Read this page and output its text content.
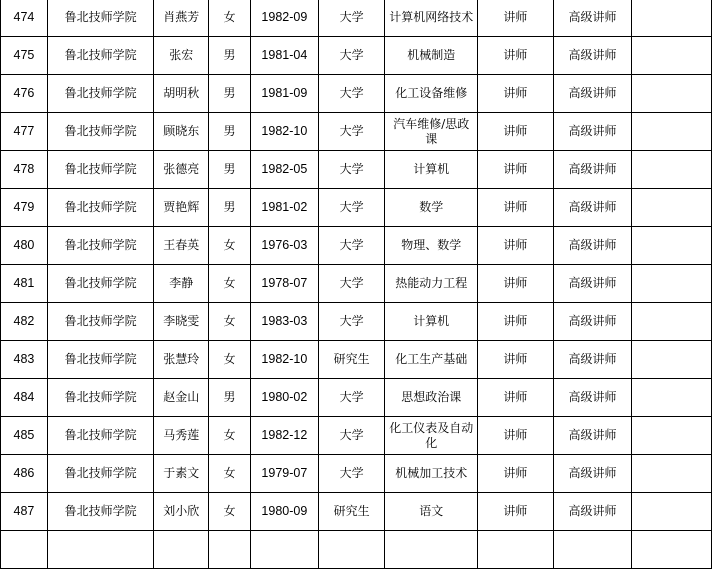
474	鲁北技师学院	肖燕芳	女	1982-09	大学	计算机网络技术	讲师	高级讲师	
475	鲁北技师学院	张宏	男	1981-04	大学	机械制造	讲师	高级讲师	
476	鲁北技师学院	胡明秋	男	1981-09	大学	化工设备维修	讲师	高级讲师	
477	鲁北技师学院	顾晓东	男	1982-10	大学	汽车维修/思政课	讲师	高级讲师	
478	鲁北技师学院	张德亮	男	1982-05	大学	计算机	讲师	高级讲师	
479	鲁北技师学院	贾艳辉	男	1981-02	大学	数学	讲师	高级讲师	
480	鲁北技师学院	王春英	女	1976-03	大学	物理、数学	讲师	高级讲师	
481	鲁北技师学院	李静	女	1978-07	大学	热能动力工程	讲师	高级讲师	
482	鲁北技师学院	李晓雯	女	1983-03	大学	计算机	讲师	高级讲师	
483	鲁北技师学院	张慧玲	女	1982-10	研究生	化工生产基础	讲师	高级讲师	
484	鲁北技师学院	赵金山	男	1980-02	大学	思想政治课	讲师	高级讲师	
485	鲁北技师学院	马秀莲	女	1982-12	大学	化工仪表及自动化	讲师	高级讲师	
486	鲁北技师学院	于素文	女	1979-07	大学	机械加工技术	讲师	高级讲师	
487	鲁北技师学院	刘小欣	女	1980-09	研究生	语文	讲师	高级讲师	
